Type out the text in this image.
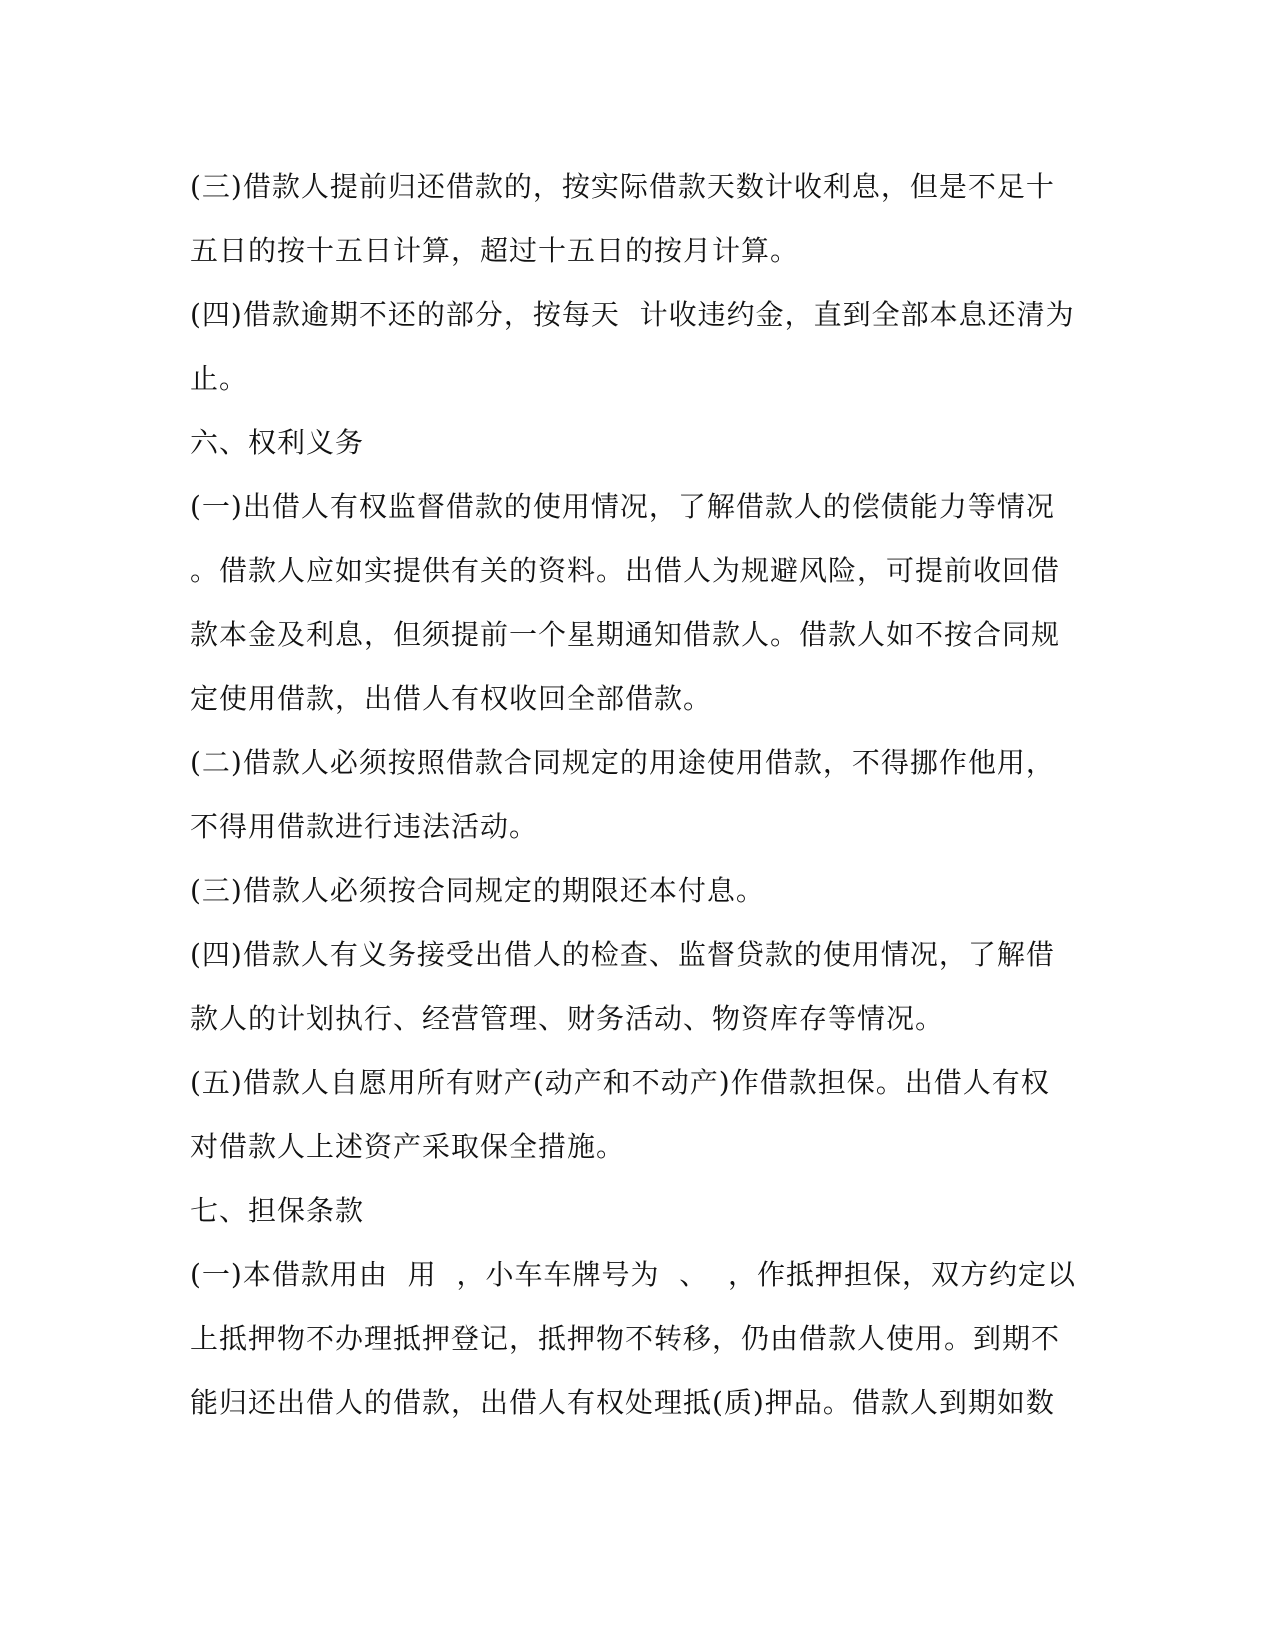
(三)借款人提前归还借款的，按实际借款天数计收利息，但是不足十
五日的按十五日计算，超过十五日的按月计算。
(四)借款逾期不还的部分，按每天  计收违约金，直到全部本息还清为
止。
六、权利义务
(一)出借人有权监督借款的使用情况，了解借款人的偿债能力等情况
。借款人应如实提供有关的资料。出借人为规避风险，可提前收回借
款本金及利息，但须提前一个星期通知借款人。借款人如不按合同规
定使用借款，出借人有权收回全部借款。
(二)借款人必须按照借款合同规定的用途使用借款，不得挪作他用，
不得用借款进行违法活动。
(三)借款人必须按合同规定的期限还本付息。
(四)借款人有义务接受出借人的检查、监督贷款的使用情况，了解借
款人的计划执行、经营管理、财务活动、物资库存等情况。
(五)借款人自愿用所有财产(动产和不动产)作借款担保。出借人有权
对借款人上述资产采取保全措施。
七、担保条款
(一)本借款用由  用  ，小车车牌号为  、  ，作抵押担保，双方约定以
上抵押物不办理抵押登记，抵押物不转移，仍由借款人使用。到期不
能归还出借人的借款，出借人有权处理抵(质)押品。借款人到期如数
